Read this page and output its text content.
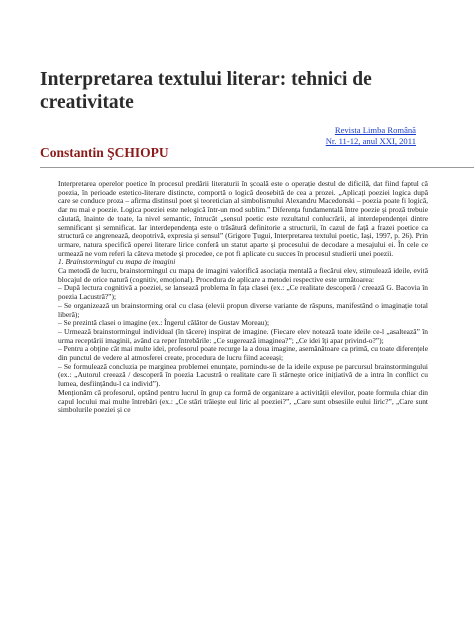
Interpretarea textului literar: tehnici de creativitate
Revista Limba Română
Nr. 11-12, anul XXI, 2011
Constantin ŞCHIOPU

Interpretarea operelor poetice în procesul predării literaturii în școală este o operație destul de dificilă, dat fiind faptul că poezia, în perioade estetico-literare distincte, comportă o logică deosebită de cea a prozei. „Aplicați poeziei logica după care se conduce proza – afirma distinsul poet și teoretician al simbolismului Alexandru Macedonski – poezia poate fi logică, dar nu mai e poezie. Logica poeziei este nelogică într-un mod sublim.” Diferența fundamentală între poezie și proză trebuie căutată, înainte de toate, la nivel semantic, întrucât „sensul poetic este rezultatul conlucrării, al interdependenței dintre semnificant și semnificat. Iar interdependența este o trăsătură definitorie a structurii, în cazul de față a frazei poetice ca structură ce angrenează, deopotrivă, expresia și sensul” (Grigore Țugui, Interpretarea textului poetic, Iași, 1997, p. 26). Prin urmare, natura specifică operei literare lirice conferă un statut aparte și procesului de decodare a mesajului ei. În cele ce urmează ne vom referi la câteva metode și procedee, ce pot fi aplicate cu succes în procesul studierii unei poezii.

1. Brainstormingul cu mapa de imagini

Ca metodă de lucru, brainstormingul cu mapa de imagini valorifică asociația mentală a fiecărui elev, stimulează ideile, evită blocajul de orice natură (cognitiv, emoțional). Procedura de aplicare a metodei respective este următoarea:

– După lectura cognitivă a poeziei, se lansează problema în fața clasei (ex.: „Ce realitate descoperă / creează G. Bacovia în poezia Lacustră?”);

– Se organizează un brainstorming oral cu clasa (elevii propun diverse variante de răspuns, manifestând o imaginație total liberă);

– Se prezintă clasei o imagine (ex.: Îngerul călător de Gustav Moreau);

– Urmează brainstormingul individual (în tăcere) inspirat de imagine. (Fiecare elev notează toate ideile ce-l „asaltează” în urma receptării imaginii, având ca reper întrebările: „Ce sugerează imaginea?”; „Ce idei îți apar privind-o?”);

– Pentru a obține cât mai multe idei, profesorul poate recurge la a doua imagine, asemănătoare ca primă, cu toate diferențele din punctul de vedere al atmosferei create, procedura de lucru fiind aceeași;

– Se formulează concluzia pe marginea problemei enunțate, pornindu-se de la ideile expuse pe parcursul brainstormingului (ex.: „Autorul creează / descoperă în poezia Lacustră o realitate care îi stârnește orice inițiativă de a intra în conflict cu lumea, desființându-l ca individ”).

Menționăm că profesorul, optând pentru lucrul în grup ca formă de organizare a activității elevilor, poate formula chiar din capul locului mai multe întrebări (ex.: „Ce stări trăiește eul liric al poeziei?”, „Care sunt obsesiile eului liric?”, „Care sunt simbolurile poeziei și ce
